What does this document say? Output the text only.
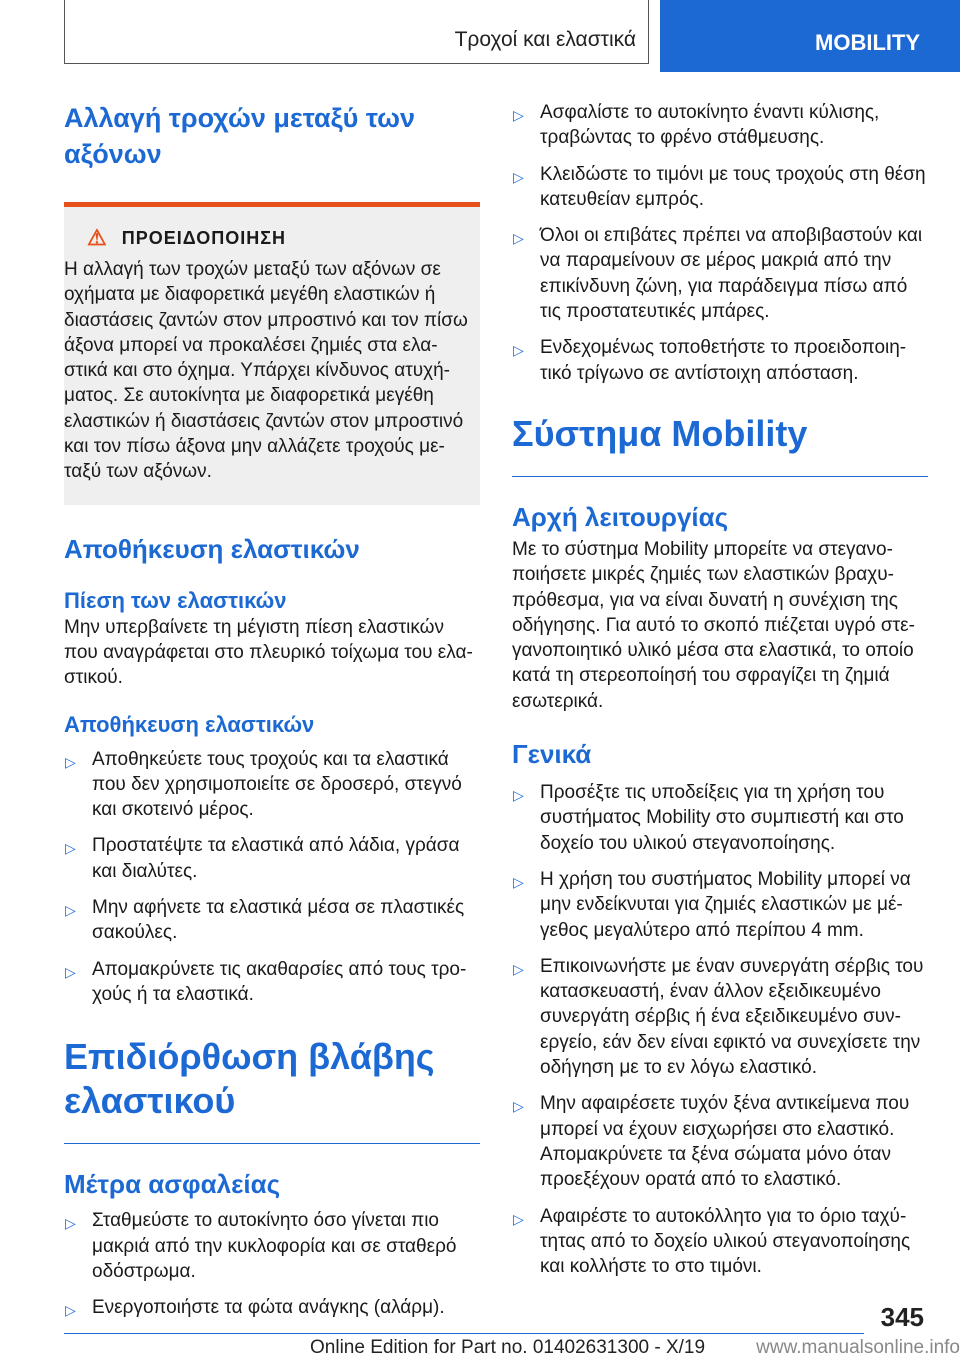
Τροχοί και ελαστικά	MOBILITY
Αλλαγή τροχών μεταξύ των αξόνων
⚠ ΠΡΟΕΙΔΟΠΟΙΗΣΗ

Η αλλαγή των τροχών μεταξύ των αξόνων σε οχήματα με διαφορετικά μεγέθη ελαστικών ή διαστάσεις ζαντών στον μπροστινό και τον πίσω άξονα μπορεί να προκαλέσει ζημιές στα ελαστικά και στο όχημα. Υπάρχει κίνδυνος ατυχήματος. Σε αυτοκίνητα με διαφορετικά μεγέθη ελαστικών ή διαστάσεις ζαντών στον μπροστινό και τον πίσω άξονα μην αλλάζετε τροχούς μεταξύ των αξόνων.

Αποθήκευση ελαστικών
Πίεση των ελαστικών

Μην υπερβαίνετε τη μέγιστη πίεση ελαστικών που αναγράφεται στο πλευρικό τοίχωμα του ελαστικού.

Αποθήκευση ελαστικών
▷ Αποθηκεύετε τους τροχούς και τα ελαστικά που δεν χρησιμοποιείτε σε δροσερό, στεγνό και σκοτεινό μέρος.
▷ Προστατέψτε τα ελαστικά από λάδια, γράσα και διαλύτες.
▷ Μην αφήνετε τα ελαστικά μέσα σε πλαστικές σακούλες.
▷ Απομακρύνετε τις ακαθαρσίες από τους τροχούς ή τα ελαστικά.
Επιδιόρθωση βλάβης ελαστικού
Μέτρα ασφαλείας
▷ Σταθμεύστε το αυτοκίνητο όσο γίνεται πιο μακριά από την κυκλοφορία και σε σταθερό οδόστρωμα.
▷ Ενεργοποιήστε τα φώτα ανάγκης (αλάρμ).
▷ Ασφαλίστε το αυτοκίνητο έναντι κύλισης, τραβώντας το φρένο στάθμευσης.
▷ Κλειδώστε το τιμόνι με τους τροχούς στη θέση κατευθείαν εμπρός.
▷ Όλοι οι επιβάτες πρέπει να αποβιβαστούν και να παραμείνουν σε μέρος μακριά από την επικίνδυνη ζώνη, για παράδειγμα πίσω από τις προστατευτικές μπάρες.
▷ Ενδεχομένως τοποθετήστε το προειδοποιητικό τρίγωνο σε αντίστοιχη απόσταση.
Σύστημα Mobility
Αρχή λειτουργίας

Με το σύστημα Mobility μπορείτε να στεγανοποιήσετε μικρές ζημιές των ελαστικών βραχυπρόθεσμα, για να είναι δυνατή η συνέχιση της οδήγησης. Για αυτό το σκοπό πιέζεται υγρό στεγανοποιητικό υλικό μέσα στα ελαστικά, το οποίο κατά τη στερεοποίησή του σφραγίζει τη ζημιά εσωτερικά.

Γενικά
▷ Προσέξτε τις υποδείξεις για τη χρήση του συστήματος Mobility στο συμπιεστή και στο δοχείο του υλικού στεγανοποίησης.
▷ Η χρήση του συστήματος Mobility μπορεί να μην ενδείκνυται για ζημιές ελαστικών με μέγεθος μεγαλύτερο από περίπου 4 mm.
▷ Επικοινωνήστε με έναν συνεργάτη σέρβις του κατασκευαστή, έναν άλλον εξειδικευμένο συνεργάτη σέρβις ή ένα εξειδικευμένο συνεργείο, εάν δεν είναι εφικτό να συνεχίσετε την οδήγηση με το εν λόγω ελαστικό.
▷ Μην αφαιρέσετε τυχόν ξένα αντικείμενα που μπορεί να έχουν εισχωρήσει στο ελαστικό. Απομακρύνετε τα ξένα σώματα μόνο όταν προεξέχουν ορατά από το ελαστικό.
▷ Αφαιρέστε το αυτοκόλλητο για το όριο ταχύτητας από το δοχείο υλικού στεγανοποίησης και κολλήστε το στο τιμόνι.
345
Online Edition for Part no. 01402631300 - X/19	www.manualsonline.info
